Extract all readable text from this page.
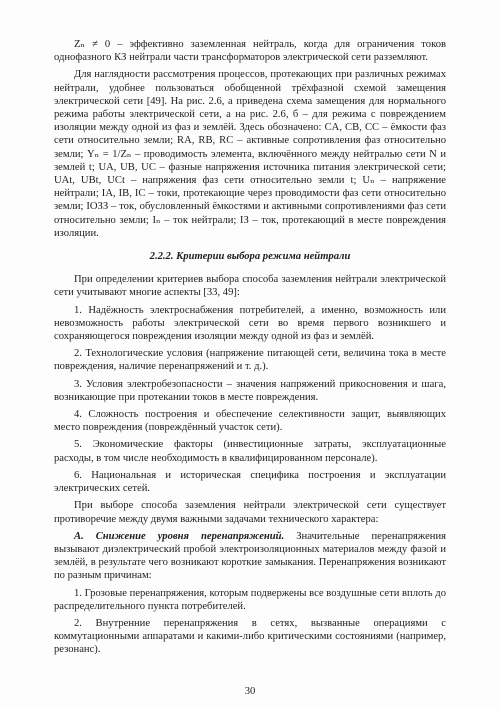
Zₙ ≠ 0 – эффективно заземленная нейтраль, когда для ограничения токов однофазного КЗ нейтрали части трансформаторов электрической сети разземляют.

Для наглядности рассмотрения процессов, протекающих при различных режимах нейтрали, удобнее пользоваться обобщенной трёхфазной схемой замещения электрической сети [49]. На рис. 2.6, а приведена схема замещения для нормального режима работы электрической сети, а на рис. 2.6, б – для режима с повреждением изоляции между одной из фаз и землёй. Здесь обозначено: CА, CВ, CС – ёмкости фаз сети относительно земли; RА, RВ, RС – активные сопротивления фаз относительно земли; Yₙ = 1/Zₙ – проводимость элемента, включённого между нейтралью сети N и землей t; UА, UВ, UС – фазные напряжения источника питания электрической сети; UАt, UВt, UСt – напряжения фаз сети относительно земли t; Uₙ – напряжение нейтрали; IА, IВ, IС – токи, протекающие через проводимости фаз сети относительно земли; IОЗЗ – ток, обусловленный ёмкостями и активными сопротивлениями фаз сети относительно земли; Iₙ – ток нейтрали; IЗ – ток, протекающий в месте повреждения изоляции.

2.2.2. Критерии выбора режима нейтрали

При определении критериев выбора способа заземления нейтрали электрической сети учитывают многие аспекты [33, 49]:

1. Надёжность электроснабжения потребителей, а именно, возможность или невозможность работы электрической сети во время первого возникшего и сохраняющегося повреждения изоляции между одной из фаз и землёй.

2. Технологические условия (напряжение питающей сети, величина тока в месте повреждения, наличие перенапряжений и т. д.).

3. Условия электробезопасности – значения напряжений прикосновения и шага, возникающие при протекании токов в месте повреждения.

4. Сложность построения и обеспечение селективности защит, выявляющих место повреждения (повреждённый участок сети).

5. Экономические факторы (инвестиционные затраты, эксплуатационные расходы, в том числе необходимость в квалифицированном персонале).

6. Национальная и историческая специфика построения и эксплуатации электрических сетей.

При выборе способа заземления нейтрали электрической сети существует противоречие между двумя важными задачами технического характера:

А. Снижение уровня перенапряжений. Значительные перенапряжения вызывают диэлектрический пробой электроизоляционных материалов между фазой и землёй, в результате чего возникают короткие замыкания. Перенапряжения возникают по разным причинам:

1. Грозовые перенапряжения, которым подвержены все воздушные сети вплоть до распределительного пункта потребителей.

2. Внутренние перенапряжения в сетях, вызванные операциями с коммутационными аппаратами и какими-либо критическими состояниями (например, резонанс).

30
